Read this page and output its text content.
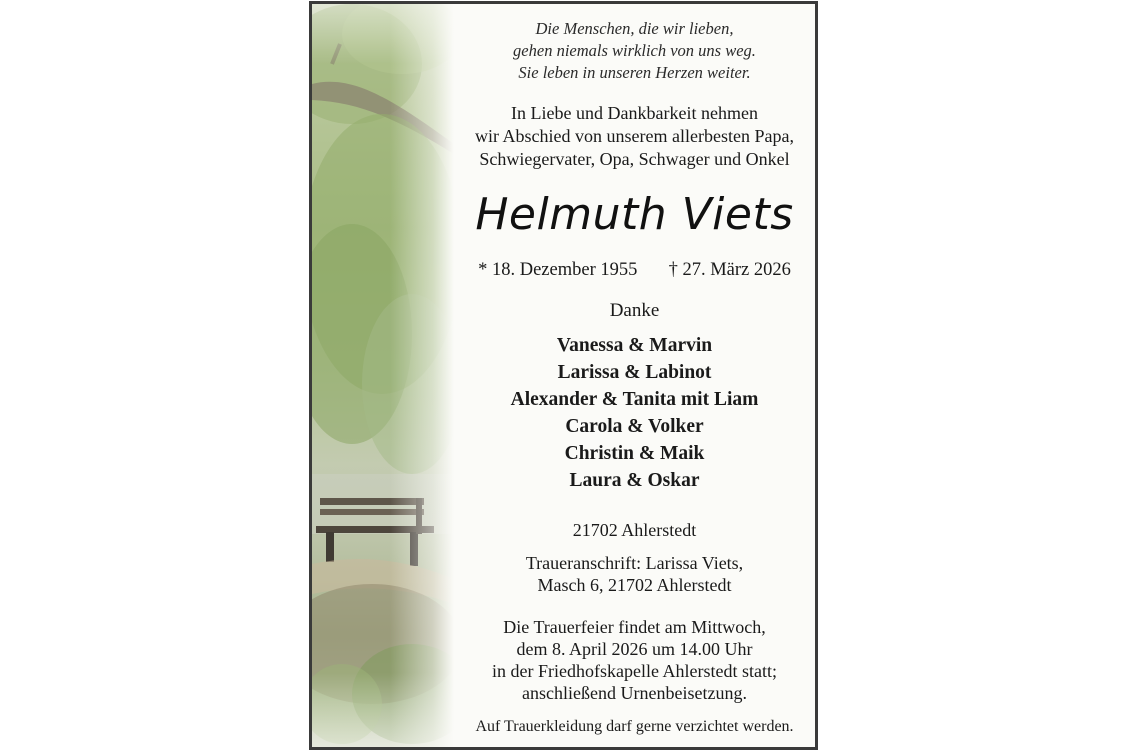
Die Menschen, die wir lieben,
gehen niemals wirklich von uns weg.
Sie leben in unseren Herzen weiter.
In Liebe und Dankbarkeit nehmen
wir Abschied von unserem allerbesten Papa,
Schwiegervater, Opa, Schwager und Onkel
Helmuth Viets
* 18. Dezember 1955 † 27. März 2026
Danke
Vanessa & Marvin
Larissa & Labinot
Alexander & Tanita mit Liam
Carola & Volker
Christin & Maik
Laura & Oskar
21702 Ahlerstedt
Traueranschrift: Larissa Viets,
Masch 6, 21702 Ahlerstedt
Die Trauerfeier findet am Mittwoch,
dem 8. April 2026 um 14.00 Uhr
in der Friedhofskapelle Ahlerstedt statt;
anschließend Urnenbeisetzung.
Auf Trauerkleidung darf gerne verzichtet werden.
